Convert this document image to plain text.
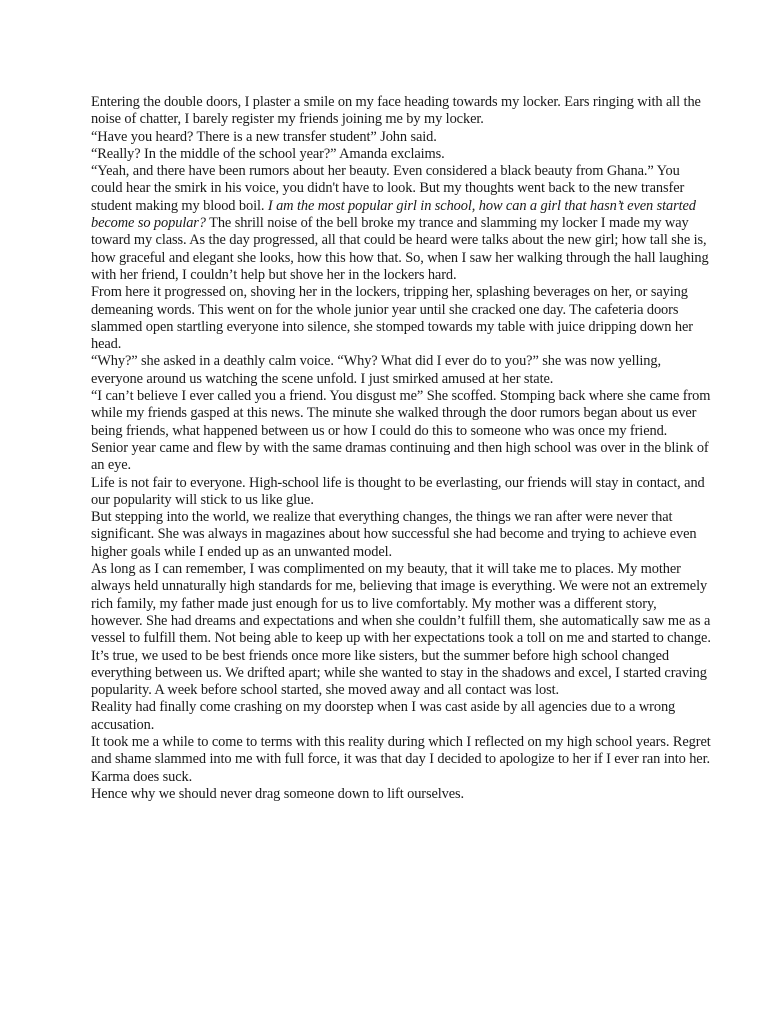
Entering the double doors, I plaster a smile on my face heading towards my locker. Ears ringing with all the noise of chatter, I barely register my friends joining me by my locker.

“Have you heard? There is a new transfer student” John said.

“Really? In the middle of the school year?” Amanda exclaims.

“Yeah, and there have been rumors about her beauty. Even considered a black beauty from Ghana.” You could hear the smirk in his voice, you didn't have to look. But my thoughts went back to the new transfer student making my blood boil. I am the most popular girl in school, how can a girl that hasn’t even started become so popular? The shrill noise of the bell broke my trance and slamming my locker I made my way toward my class. As the day progressed, all that could be heard were talks about the new girl; how tall she is, how graceful and elegant she looks, how this how that. So, when I saw her walking through the hall laughing with her friend, I couldn’t help but shove her in the lockers hard.

From here it progressed on, shoving her in the lockers, tripping her, splashing beverages on her, or saying demeaning words. This went on for the whole junior year until she cracked one day. The cafeteria doors slammed open startling everyone into silence, she stomped towards my table with juice dripping down her head.

“Why?” she asked in a deathly calm voice. “Why? What did I ever do to you?” she was now yelling, everyone around us watching the scene unfold. I just smirked amused at her state.

“I can’t believe I ever called you a friend. You disgust me” She scoffed. Stomping back where she came from while my friends gasped at this news. The minute she walked through the door rumors began about us ever being friends, what happened between us or how I could do this to someone who was once my friend.

Senior year came and flew by with the same dramas continuing and then high school was over in the blink of an eye.

Life is not fair to everyone. High-school life is thought to be everlasting, our friends will stay in contact, and our popularity will stick to us like glue.

But stepping into the world, we realize that everything changes, the things we ran after were never that significant. She was always in magazines about how successful she had become and trying to achieve even higher goals while I ended up as an unwanted model.

As long as I can remember, I was complimented on my beauty, that it will take me to places. My mother always held unnaturally high standards for me, believing that image is everything. We were not an extremely rich family, my father made just enough for us to live comfortably. My mother was a different story, however. She had dreams and expectations and when she couldn’t fulfill them, she automatically saw me as a vessel to fulfill them. Not being able to keep up with her expectations took a toll on me and started to change. It’s true, we used to be best friends once more like sisters, but the summer before high school changed everything between us. We drifted apart; while she wanted to stay in the shadows and excel, I started craving popularity. A week before school started, she moved away and all contact was lost.

Reality had finally come crashing on my doorstep when I was cast aside by all agencies due to a wrong accusation.

It took me a while to come to terms with this reality during which I reflected on my high school years. Regret and shame slammed into me with full force, it was that day I decided to apologize to her if I ever ran into her.

Karma does suck.

Hence why we should never drag someone down to lift ourselves.
